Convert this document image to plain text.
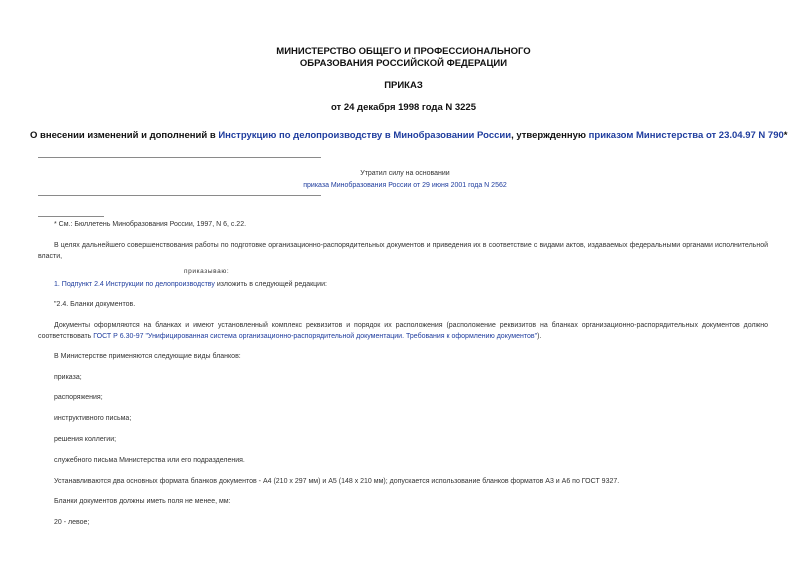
МИНИСТЕРСТВО ОБЩЕГО И ПРОФЕССИОНАЛЬНОГО
ОБРАЗОВАНИЯ РОССИЙСКОЙ ФЕДЕРАЦИИ
ПРИКАЗ
от 24 декабря 1998 года N 3225
О внесении изменений и дополнений в Инструкцию по делопроизводству в Минобразовании России, утвержденную приказом Министерства от 23.04.97 N 790*
Утратил силу на основании
приказа Минобразования России от 29 июня 2001 года N 2562
* См.: Бюллетень Минобразования России, 1997, N 6, с.22.
В целях дальнейшего совершенствования работы по подготовке организационно-распорядительных документов и приведения их в соответствие с видами актов, издаваемых федеральными органами исполнительной власти,
приказываю:
1. Подпункт 2.4 Инструкции по делопроизводству изложить в следующей редакции:
"2.4. Бланки документов.
Документы оформляются на бланках и имеют установленный комплекс реквизитов и порядок их расположения (расположение реквизитов на бланках организационно-распорядительных документов должно соответствовать ГОСТ Р 6.30-97 "Унифицированная система организационно-распорядительной документации. Требования к оформлению документов").
В Министерстве применяются следующие виды бланков:
приказа;
распоряжения;
инструктивного письма;
решения коллегии;
служебного письма Министерства или его подразделения.
Устанавливаются два основных формата бланков документов - А4 (210 х 297 мм) и А5 (148 х 210 мм); допускается использование бланков форматов А3 и А6 по ГОСТ 9327.
Бланки документов должны иметь поля не менее, мм:
20 - левое;
